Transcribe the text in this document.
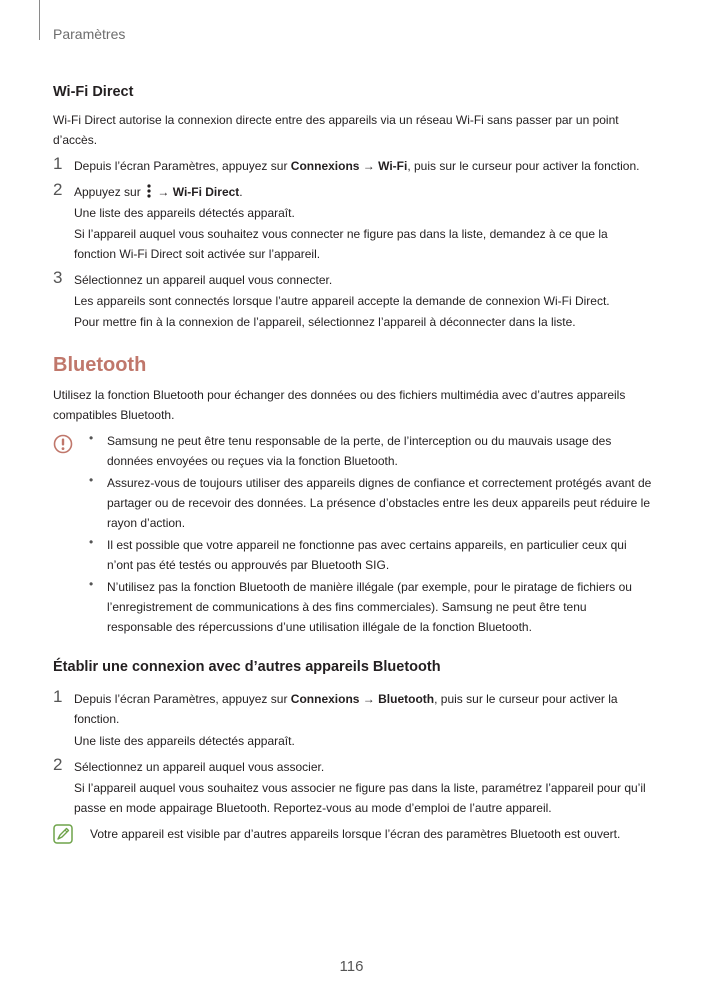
Paramètres
Wi-Fi Direct

Wi-Fi Direct autorise la connexion directe entre des appareils via un réseau Wi-Fi sans passer par un point d’accès.

1 Depuis l’écran Paramètres, appuyez sur Connexions → Wi-Fi, puis sur le curseur pour activer la fonction.

2 Appuyez sur  → Wi-Fi Direct.

Une liste des appareils détectés apparaît.

Si l’appareil auquel vous souhaitez vous connecter ne figure pas dans la liste, demandez à ce que la fonction Wi-Fi Direct soit activée sur l’appareil.

3 Sélectionnez un appareil auquel vous connecter.

Les appareils sont connectés lorsque l’autre appareil accepte la demande de connexion Wi-Fi Direct.

Pour mettre fin à la connexion de l’appareil, sélectionnez l’appareil à déconnecter dans la liste.

Bluetooth

Utilisez la fonction Bluetooth pour échanger des données ou des fichiers multimédia avec d’autres appareils compatibles Bluetooth.

• Samsung ne peut être tenu responsable de la perte, de l’interception ou du mauvais usage des données envoyées ou reçues via la fonction Bluetooth.

• Assurez-vous de toujours utiliser des appareils dignes de confiance et correctement protégés avant de partager ou de recevoir des données. La présence d’obstacles entre les deux appareils peut réduire le rayon d’action.

• Il est possible que votre appareil ne fonctionne pas avec certains appareils, en particulier ceux qui n’ont pas été testés ou approuvés par Bluetooth SIG.

• N’utilisez pas la fonction Bluetooth de manière illégale (par exemple, pour le piratage de fichiers ou l’enregistrement de communications à des fins commerciales). Samsung ne peut être tenu responsable des répercussions d’une utilisation illégale de la fonction Bluetooth.

Établir une connexion avec d’autres appareils Bluetooth
1 Depuis l’écran Paramètres, appuyez sur Connexions → Bluetooth, puis sur le curseur pour activer la fonction.

Une liste des appareils détectés apparaît.

2 Sélectionnez un appareil auquel vous associer.

Si l’appareil auquel vous souhaitez vous associer ne figure pas dans la liste, paramétrez l’appareil pour qu’il passe en mode appairage Bluetooth. Reportez-vous au mode d’emploi de l’autre appareil.

Votre appareil est visible par d’autres appareils lorsque l’écran des paramètres Bluetooth est ouvert.

116
